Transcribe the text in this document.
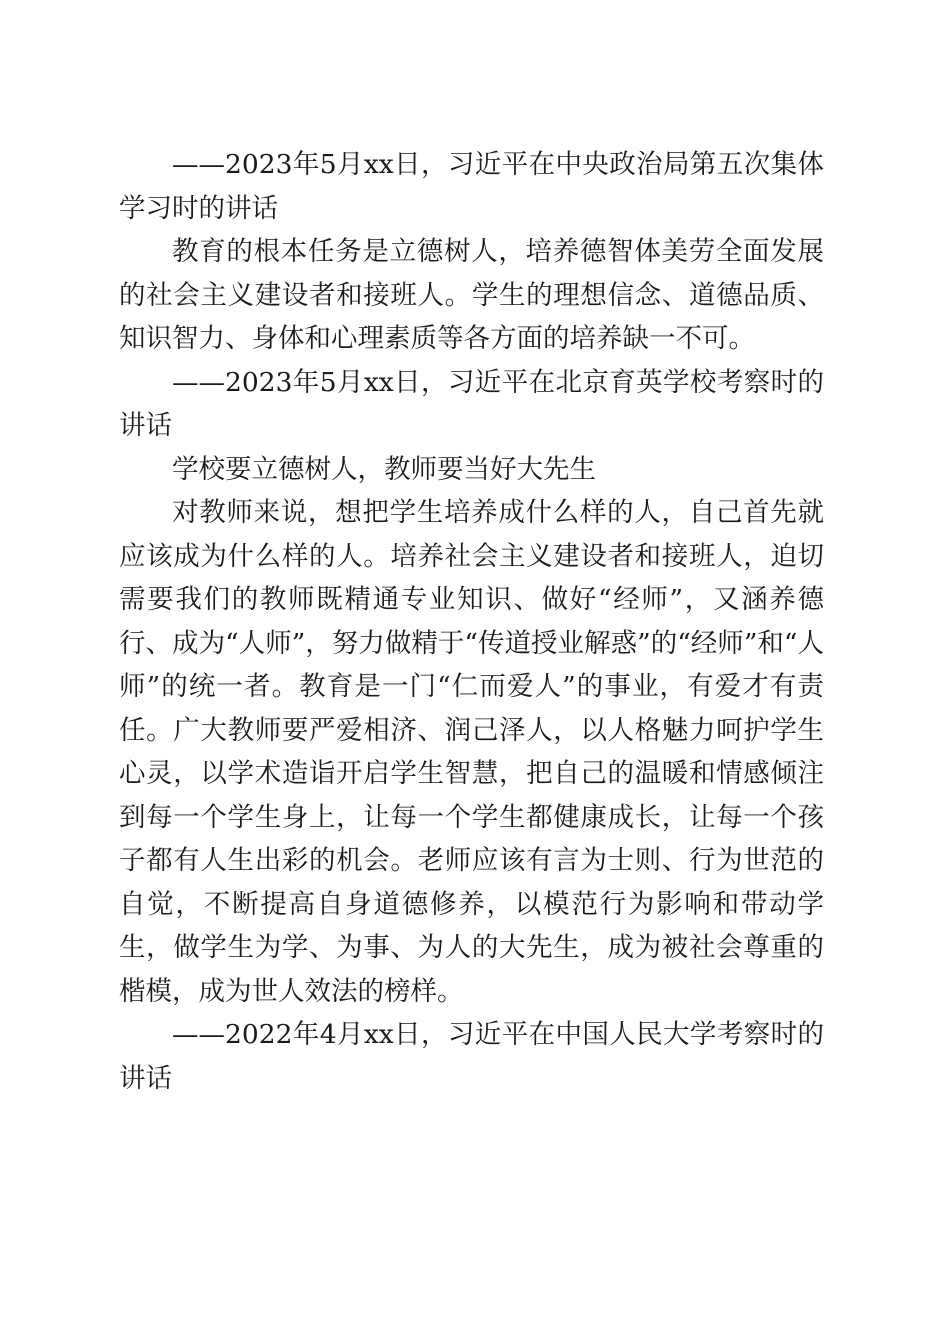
——2023年5月xx日，习近平在中央政治局第五次集体学习时的讲话

教育的根本任务是立德树人，培养德智体美劳全面发展的社会主义建设者和接班人。学生的理想信念、道德品质、知识智力、身体和心理素质等各方面的培养缺一不可。

——2023年5月xx日，习近平在北京育英学校考察时的讲话

学校要立德树人，教师要当好大先生

对教师来说，想把学生培养成什么样的人，自己首先就应该成为什么样的人。培养社会主义建设者和接班人，迫切需要我们的教师既精通专业知识、做好“经师”，又涵养德行、成为“人师”，努力做精于“传道授业解惑”的“经师”和“人师”的统一者。教育是一门“仁而爱人”的事业，有爱才有责任。广大教师要严爱相济、润己泽人，以人格魅力呵护学生心灵，以学术造诣开启学生智慧，把自己的温暖和情感倾注到每一个学生身上，让每一个学生都健康成长，让每一个孩子都有人生出彩的机会。老师应该有言为士则、行为世范的自觉，不断提高自身道德修养，以模范行为影响和带动学生，做学生为学、为事、为人的大先生，成为被社会尊重的楷模，成为世人效法的榜样。

——2022年4月xx日，习近平在中国人民大学考察时的讲话
